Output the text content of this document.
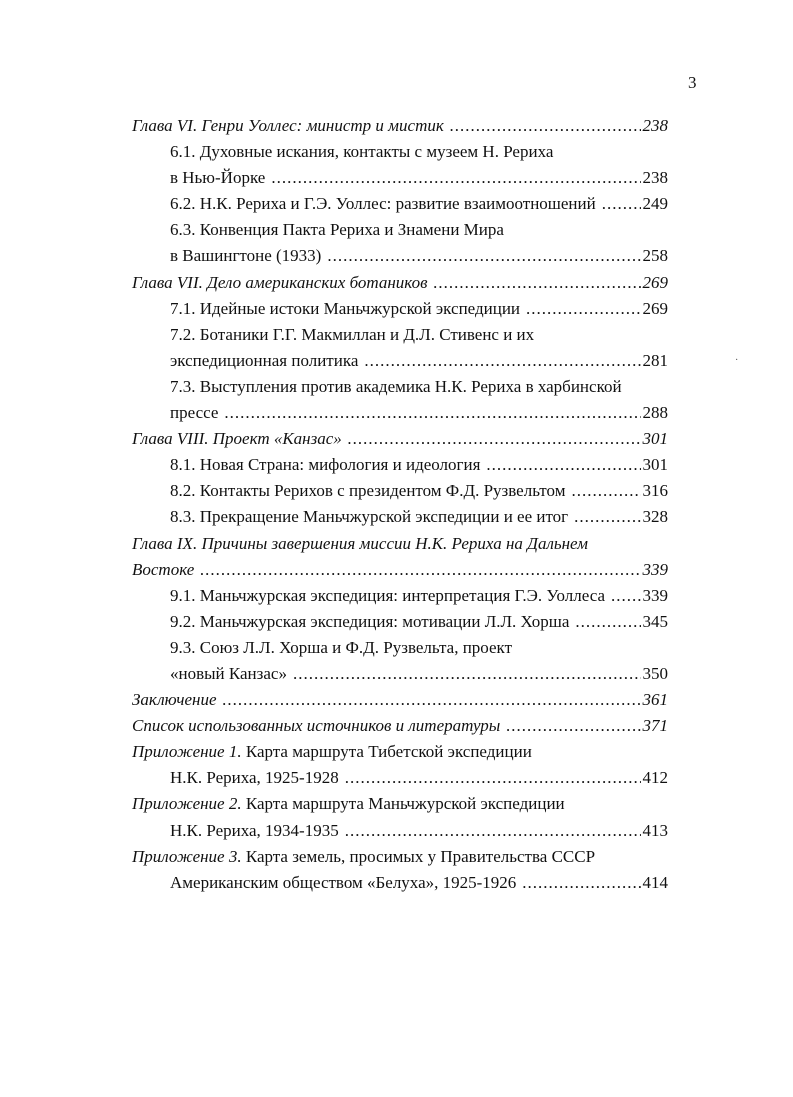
3
·
Глава VI. Генри Уоллес: министр и мистик .....	238
6.1. Духовные искания, контакты с музеем Н. Рериха
в Нью-Йорке .....	238
6.2. Н.К. Рериха и Г.Э. Уоллес: развитие взаимоотношений .....	249
6.3. Конвенция Пакта Рериха и Знамени Мира
в Вашингтоне (1933) .....	258
Глава VII. Дело американских ботаников .....	269
7.1. Идейные истоки Маньчжурской экспедиции .....	269
7.2. Ботаники Г.Г. Макмиллан и Д.Л. Стивенс и их
экспедиционная политика .....	281
7.3. Выступления против академика Н.К. Рериха в харбинской
прессе .....	288
Глава VIII. Проект «Канзас» .....	301
8.1. Новая Страна: мифология и идеология .....	301
8.2. Контакты Рерихов с президентом Ф.Д. Рузвельтом .....	316
8.3. Прекращение Маньчжурской экспедиции и ее итог .....	328
Глава IX. Причины завершения миссии Н.К. Рериха на Дальнем
Востоке .....	339
9.1. Маньчжурская экспедиция: интерпретация Г.Э. Уоллеса ..... 339
9.2. Маньчжурская экспедиция: мотивации Л.Л. Хорша .....	345
9.3. Союз Л.Л. Хорша и Ф.Д. Рузвельта, проект
«новый Канзас» .....	350
Заключение .....	361
Список использованных источников и литературы .....	371
Приложение 1. Карта маршрута Тибетской экспедиции
Н.К. Рериха, 1925-1928 .....	412
Приложение 2. Карта маршрута Маньчжурской экспедиции
Н.К. Рериха, 1934-1935 .....	413
Приложение 3. Карта земель, просимых у Правительства СССР
Американским обществом «Белуха», 1925-1926 .....	414
